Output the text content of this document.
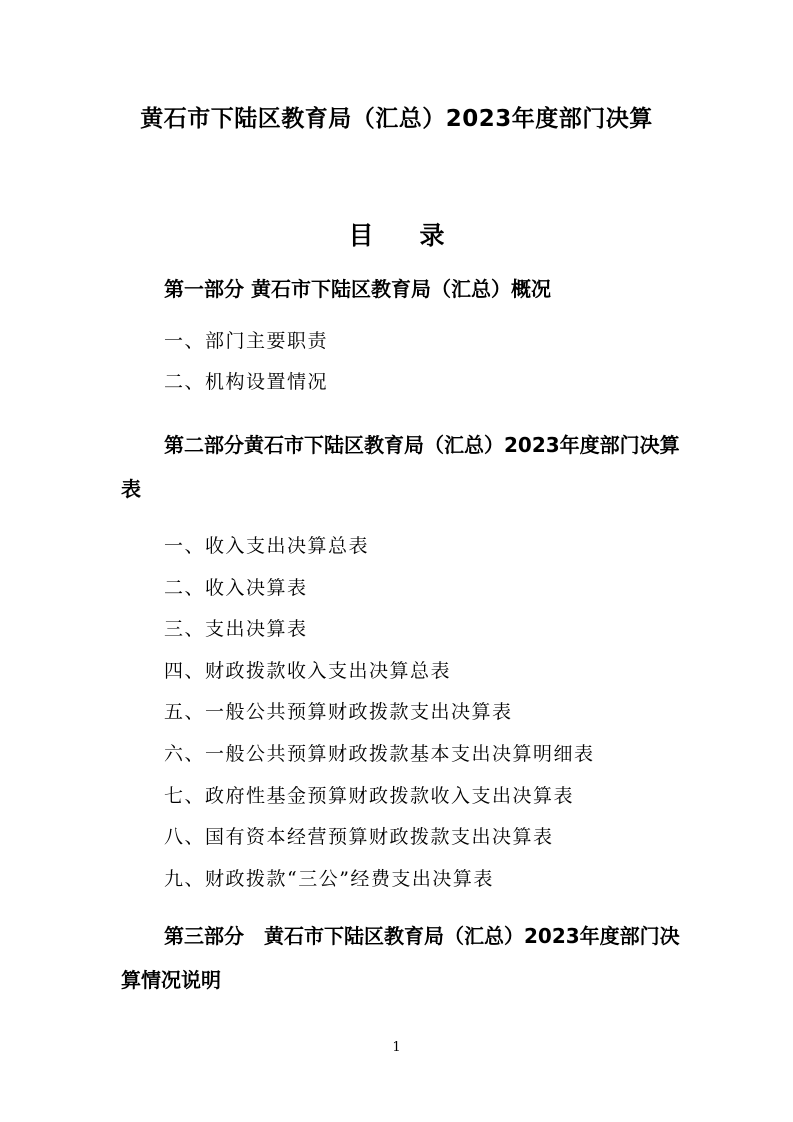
黄石市下陆区教育局（汇总）2023年度部门决算
目 录
第一部分 黄石市下陆区教育局（汇总）概况
一、部门主要职责
二、机构设置情况
第二部分黄石市下陆区教育局（汇总）2023年度部门决算表
一、收入支出决算总表
二、收入决算表
三、支出决算表
四、财政拨款收入支出决算总表
五、一般公共预算财政拨款支出决算表
六、一般公共预算财政拨款基本支出决算明细表
七、政府性基金预算财政拨款收入支出决算表
八、国有资本经营预算财政拨款支出决算表
九、财政拨款“三公”经费支出决算表
第三部分　黄石市下陆区教育局（汇总）2023年度部门决算情况说明
1
